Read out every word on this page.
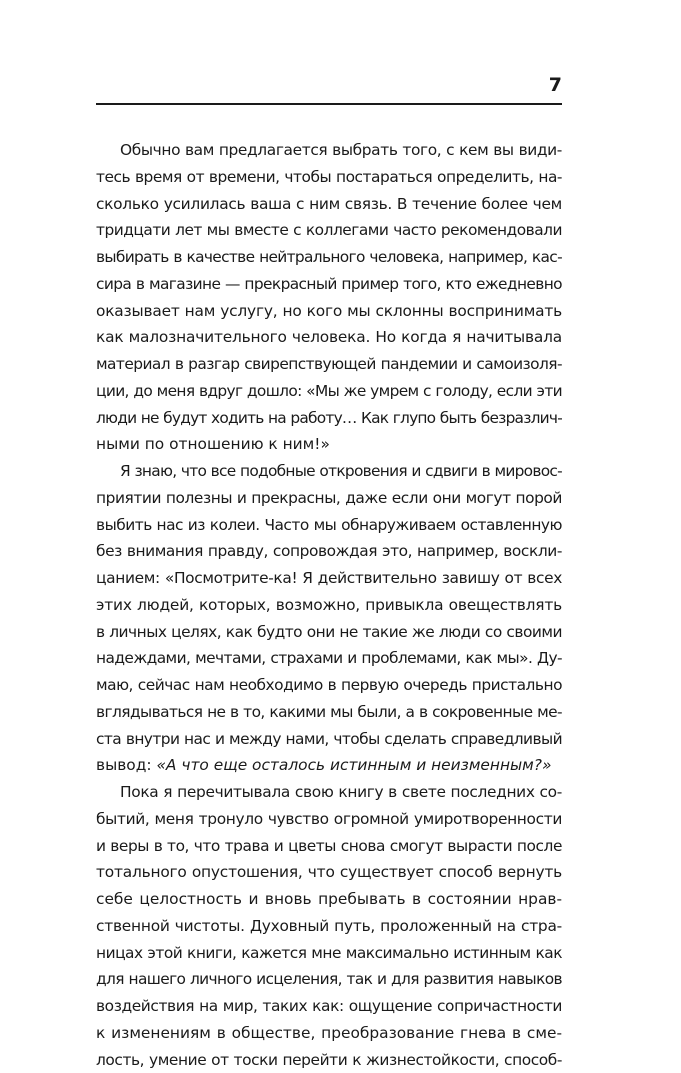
7
Обычно вам предлагается выбрать того, с кем вы види-
тесь время от времени, чтобы постараться определить, на-
сколько усилилась ваша с ним связь. В течение более чем
тридцати лет мы вместе с коллегами часто рекомендовали
выбирать в качестве нейтрального человека, например, кас-
сира в магазине — прекрасный пример того, кто ежедневно
оказывает нам услугу, но кого мы склонны воспринимать
как малозначительного человека. Но когда я начитывала
материал в разгар свирепствующей пандемии и самоизоля-
ции, до меня вдруг дошло: «Мы же умрем с голоду, если эти
люди не будут ходить на работу… Как глупо быть безразлич-
ными по отношению к ним!»
Я знаю, что все подобные откровения и сдвиги в мировос-
приятии полезны и прекрасны, даже если они могут порой
выбить нас из колеи. Часто мы обнаруживаем оставленную
без внимания правду, сопровождая это, например, воскли-
цанием: «Посмотрите-ка! Я действительно завишу от всех
этих людей, которых, возможно, привыкла овеществлять
в личных целях, как будто они не такие же люди со своими
надеждами, мечтами, страхами и проблемами, как мы». Ду-
маю, сейчас нам необходимо в первую очередь пристально
вглядываться не в то, какими мы были, а в сокровенные ме-
ста внутри нас и между нами, чтобы сделать справедливый
вывод: «А что еще осталось истинным и неизменным?»
Пока я перечитывала свою книгу в свете последних со-
бытий, меня тронуло чувство огромной умиротворенности
и веры в то, что трава и цветы снова смогут вырасти после
тотального опустошения, что существует способ вернуть
себе целостность и вновь пребывать в состоянии нрав-
ственной чистоты. Духовный путь, проложенный на стра-
ницах этой книги, кажется мне максимально истинным как
для нашего личного исцеления, так и для развития навыков
воздействия на мир, таких как: ощущение сопричастности
к изменениям в обществе, преобразование гнева в сме-
лость, умение от тоски перейти к жизнестойкости, способ-
